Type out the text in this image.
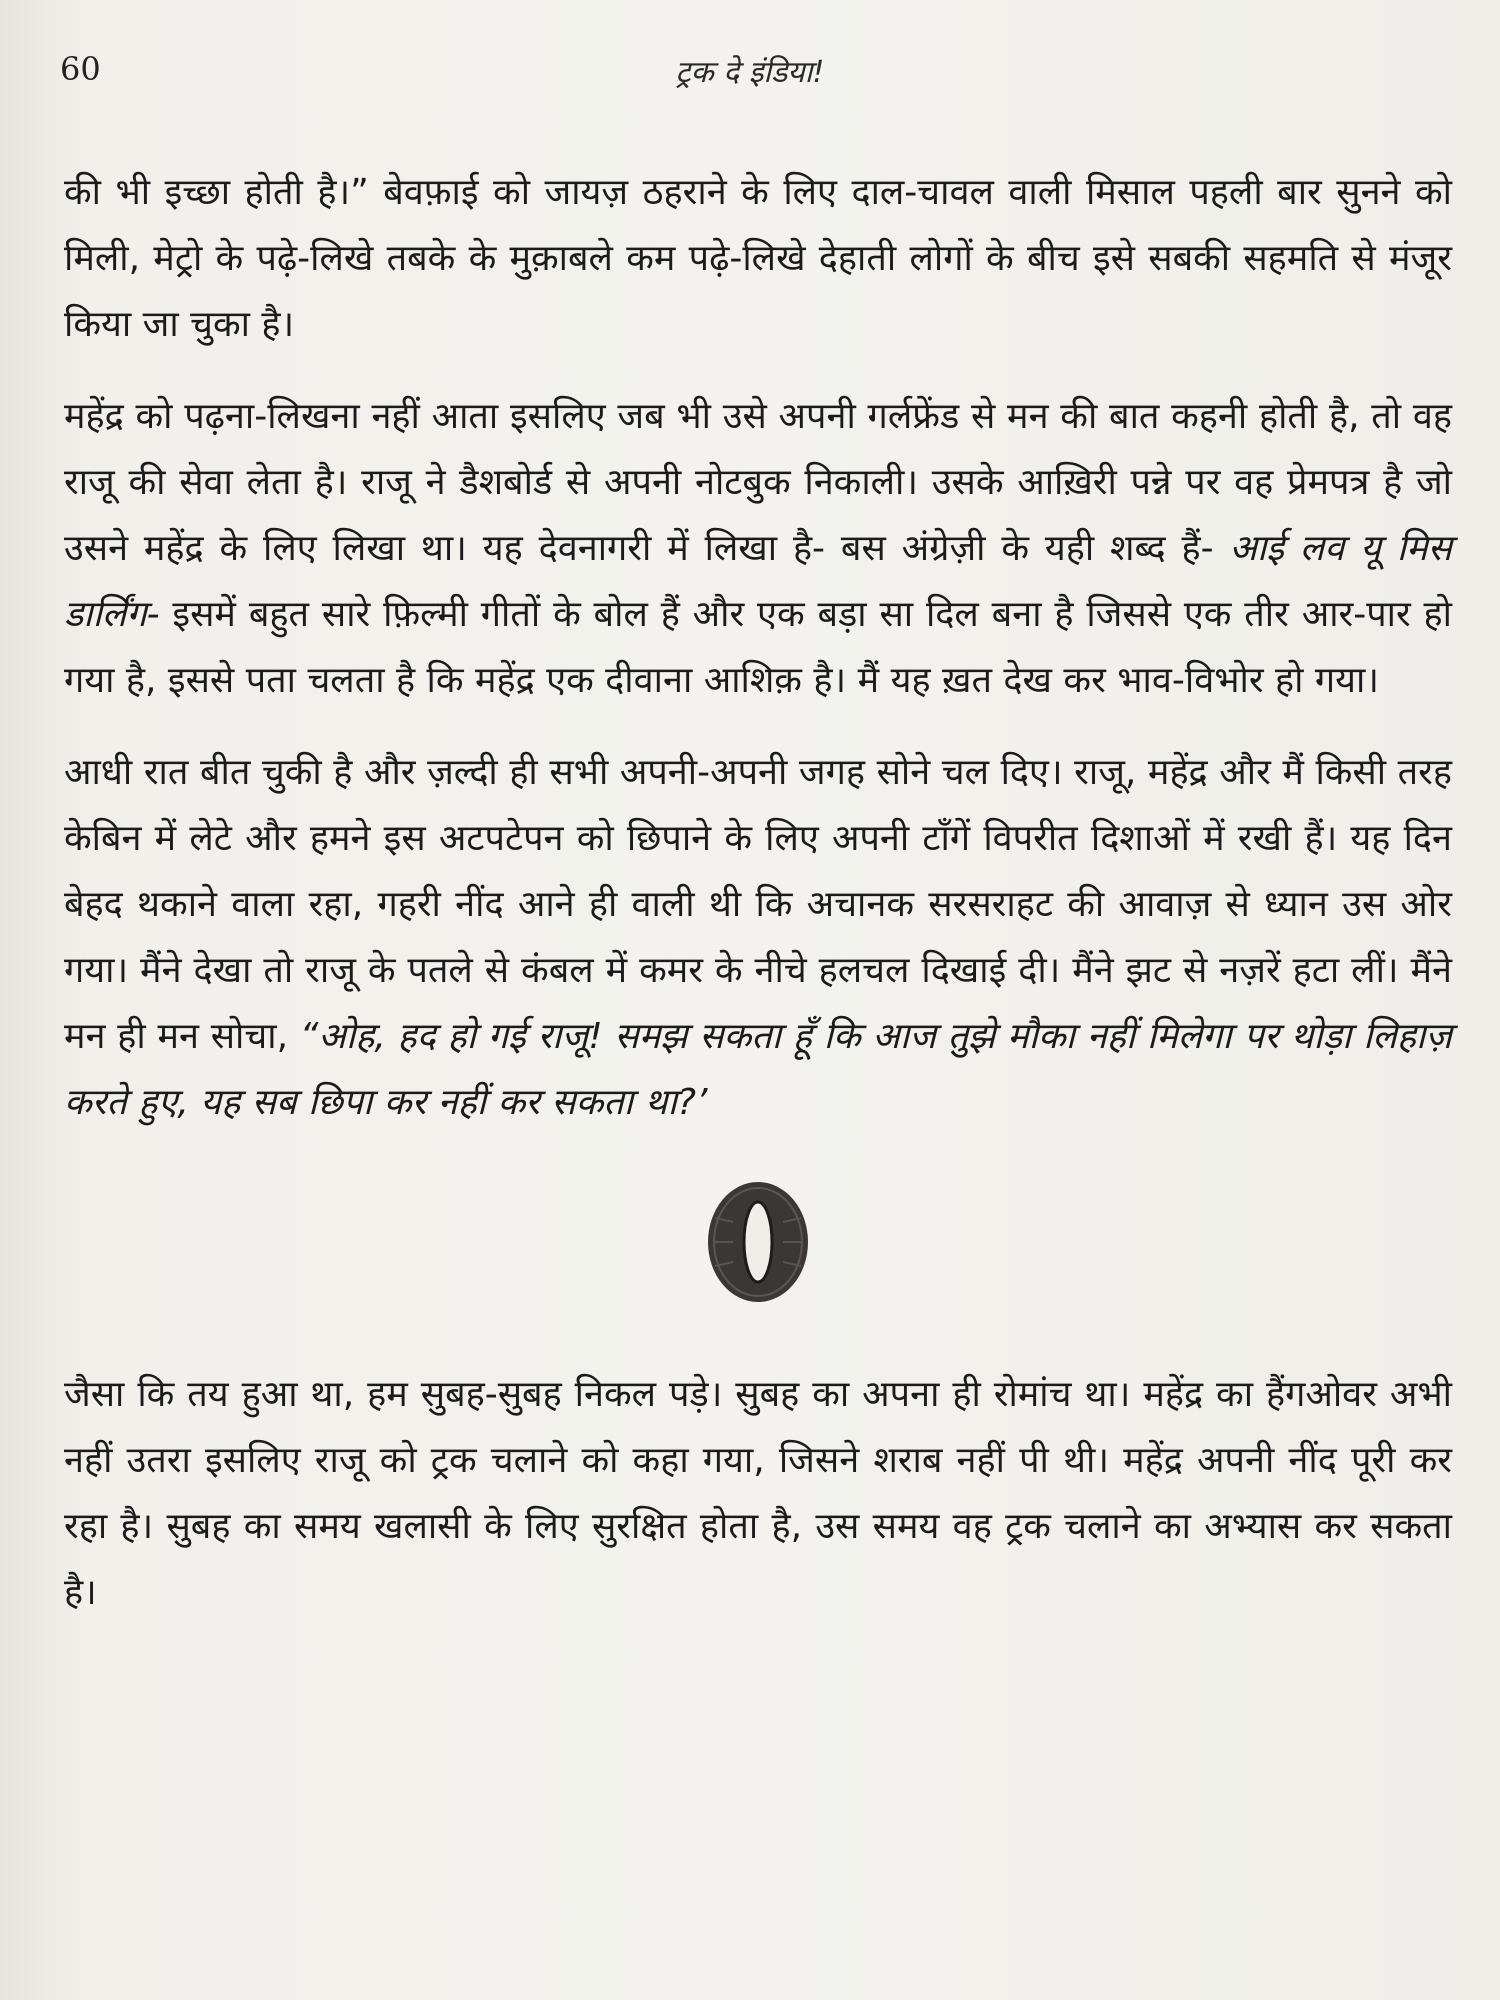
60	ट्रक दे इंडिया!

की भी इच्छा होती है।” बेवफ़ाई को जायज़ ठहराने के लिए दाल-चावल वाली मिसाल पहली बार सुनने को मिली, मेट्रो के पढ़े-लिखे तबके के मुक़ाबले कम पढ़े-लिखे देहाती लोगों के बीच इसे सबकी सहमति से मंजूर किया जा चुका है।

महेंद्र को पढ़ना-लिखना नहीं आता इसलिए जब भी उसे अपनी गर्लफ्रेंड से मन की बात कहनी होती है, तो वह राजू की सेवा लेता है। राजू ने डैशबोर्ड से अपनी नोटबुक निकाली। उसके आख़िरी पन्ने पर वह प्रेमपत्र है जो उसने महेंद्र के लिए लिखा था। यह देवनागरी में लिखा है- बस अंग्रेज़ी के यही शब्द हैं- आई लव यू मिस डार्लिंग- इसमें बहुत सारे फ़िल्मी गीतों के बोल हैं और एक बड़ा सा दिल बना है जिससे एक तीर आर-पार हो गया है, इससे पता चलता है कि महेंद्र एक दीवाना आशिक़ है। मैं यह ख़त देख कर भाव-विभोर हो गया।

आधी रात बीत चुकी है और ज़ल्दी ही सभी अपनी-अपनी जगह सोने चल दिए। राजू, महेंद्र और मैं किसी तरह केबिन में लेटे और हमने इस अटपटेपन को छिपाने के लिए अपनी टाँगें विपरीत दिशाओं में रखी हैं। यह दिन बेहद थकाने वाला रहा, गहरी नींद आने ही वाली थी कि अचानक सरसराहट की आवाज़ से ध्यान उस ओर गया। मैंने देखा तो राजू के पतले से कंबल में कमर के नीचे हलचल दिखाई दी। मैंने झट से नज़रें हटा लीं। मैंने मन ही मन सोचा, “ओह, हद हो गई राजू! समझ सकता हूँ कि आज तुझे मौका नहीं मिलेगा पर थोड़ा लिहाज़ करते हुए, यह सब छिपा कर नहीं कर सकता था?’

जैसा कि तय हुआ था, हम सुबह-सुबह निकल पड़े। सुबह का अपना ही रोमांच था। महेंद्र का हैंगओवर अभी नहीं उतरा इसलिए राजू को ट्रक चलाने को कहा गया, जिसने शराब नहीं पी थी। महेंद्र अपनी नींद पूरी कर रहा है। सुबह का समय खलासी के लिए सुरक्षित होता है, उस समय वह ट्रक चलाने का अभ्यास कर सकता है।
